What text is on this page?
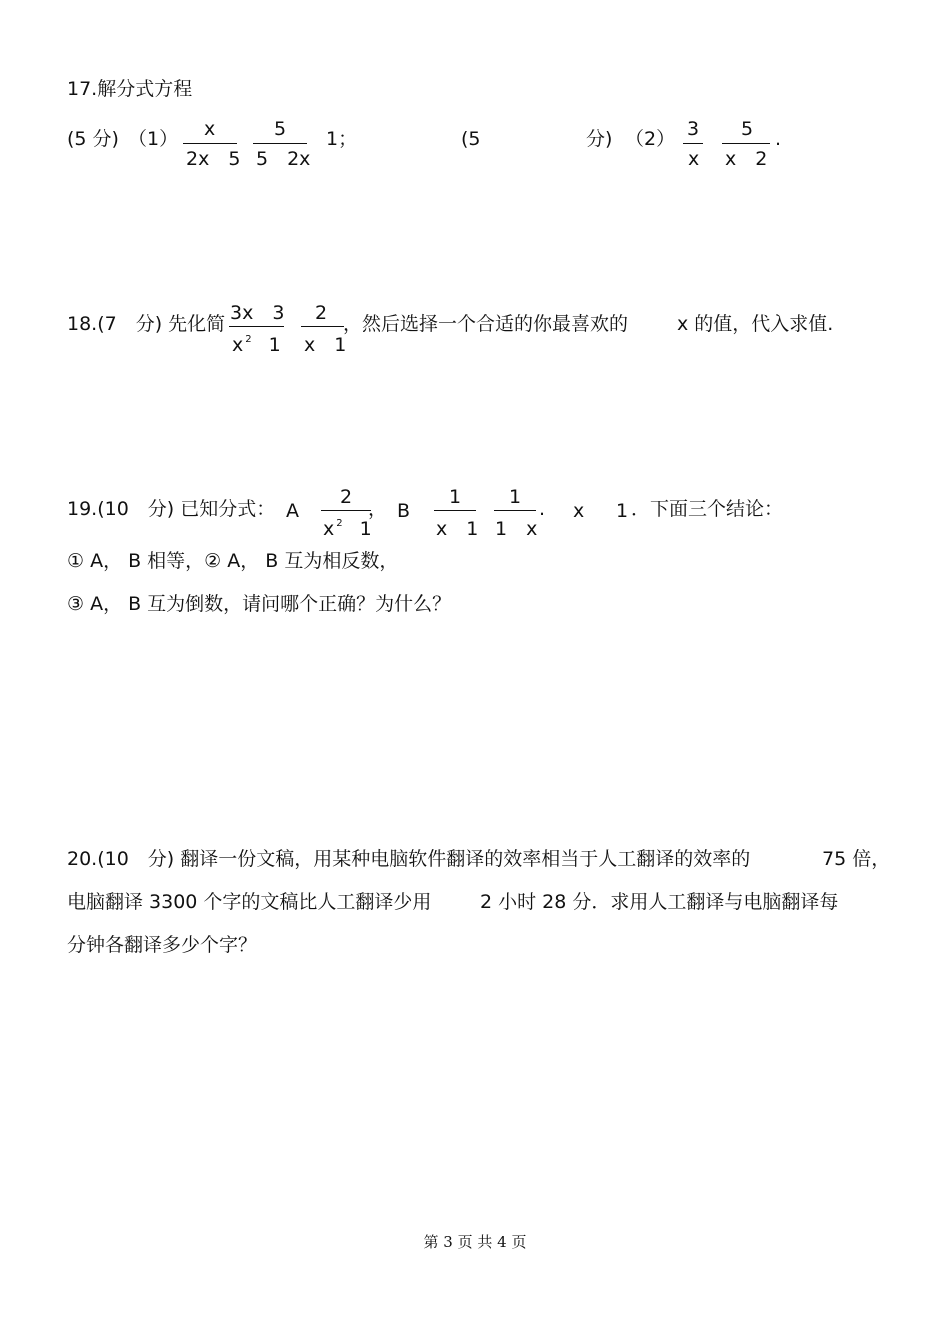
17.解分式方程
(5 分) （1） x
2x　5
5
5　2x
1；	(5	分) （2） 3
x
5
x　2
.
18.(7　分) 先化简 3x　3
x $^2$ 1
2
x　1
，然后选择一个合适的你最喜欢的	x 的值，代入求值.
19.(10　分) 已知分式： A
2
x $^2$ 1
， B
1
x　1
1
1　x
. x 1 ．下面三个结论：
① A， B 相等，② A， B 互为相反数，
③ A， B 互为倒数，请问哪个正确？为什么？
20.(10　分) 翻译一份文稿，用某种电脑软件翻译的效率相当于人工翻译的效率的	75 倍，
电脑翻译 3300 个字的文稿比人工翻译少用	2 小时 28 分．求用人工翻译与电脑翻译每
分钟各翻译多少个字？
第 3 页 共 4 页
